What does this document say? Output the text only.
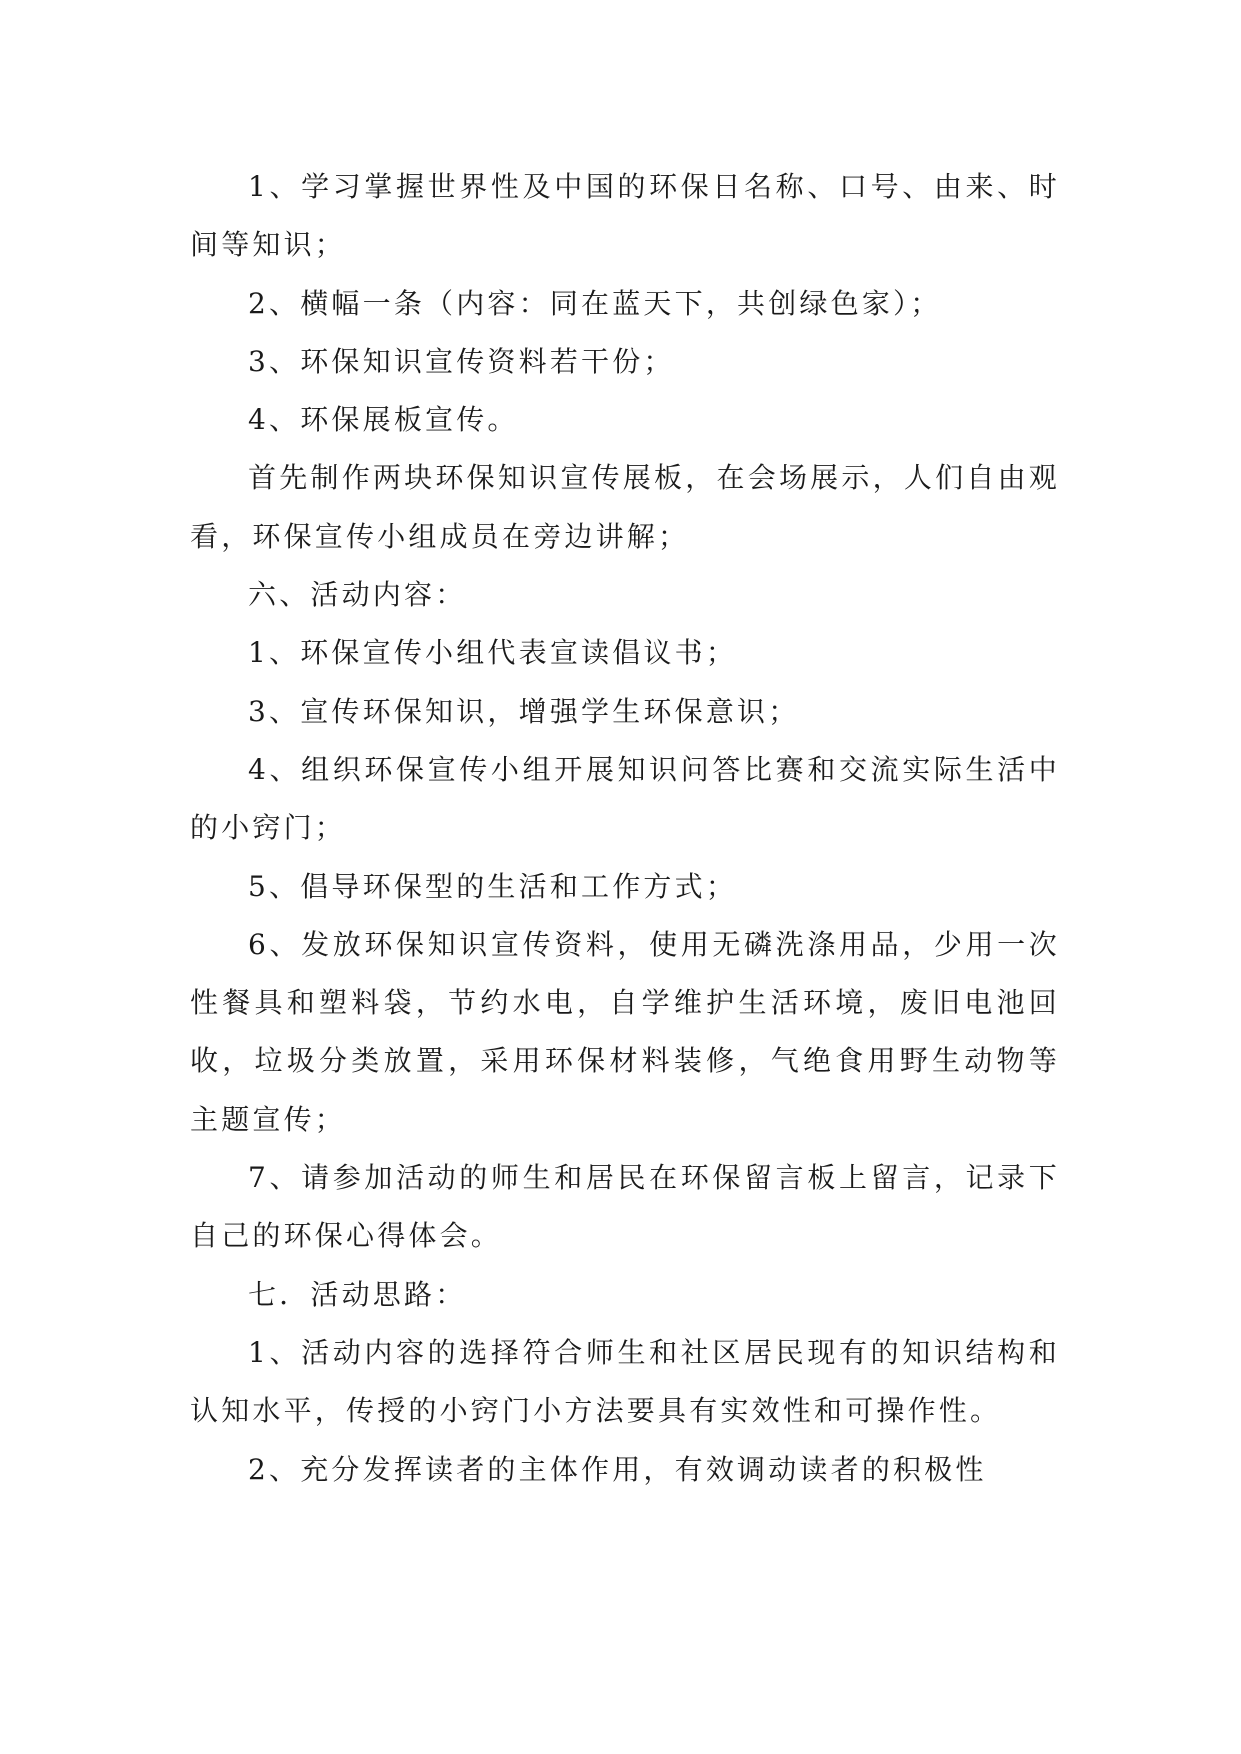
1、学习掌握世界性及中国的环保日名称、口号、由来、时间等知识；

2、横幅一条（内容：同在蓝天下，共创绿色家）；

3、环保知识宣传资料若干份；

4、环保展板宣传。

首先制作两块环保知识宣传展板，在会场展示，人们自由观看，环保宣传小组成员在旁边讲解；

六、活动内容：

1、环保宣传小组代表宣读倡议书；

3、宣传环保知识，增强学生环保意识；

4、组织环保宣传小组开展知识问答比赛和交流实际生活中的小窍门；

5、倡导环保型的生活和工作方式；

6、发放环保知识宣传资料，使用无磷洗涤用品，少用一次性餐具和塑料袋，节约水电，自学维护生活环境，废旧电池回收，垃圾分类放置，采用环保材料装修，气绝食用野生动物等主题宣传；

7、请参加活动的师生和居民在环保留言板上留言，记录下自己的环保心得体会。

七．活动思路：

1、活动内容的选择符合师生和社区居民现有的知识结构和认知水平，传授的小窍门小方法要具有实效性和可操作性。

2、充分发挥读者的主体作用，有效调动读者的积极性
